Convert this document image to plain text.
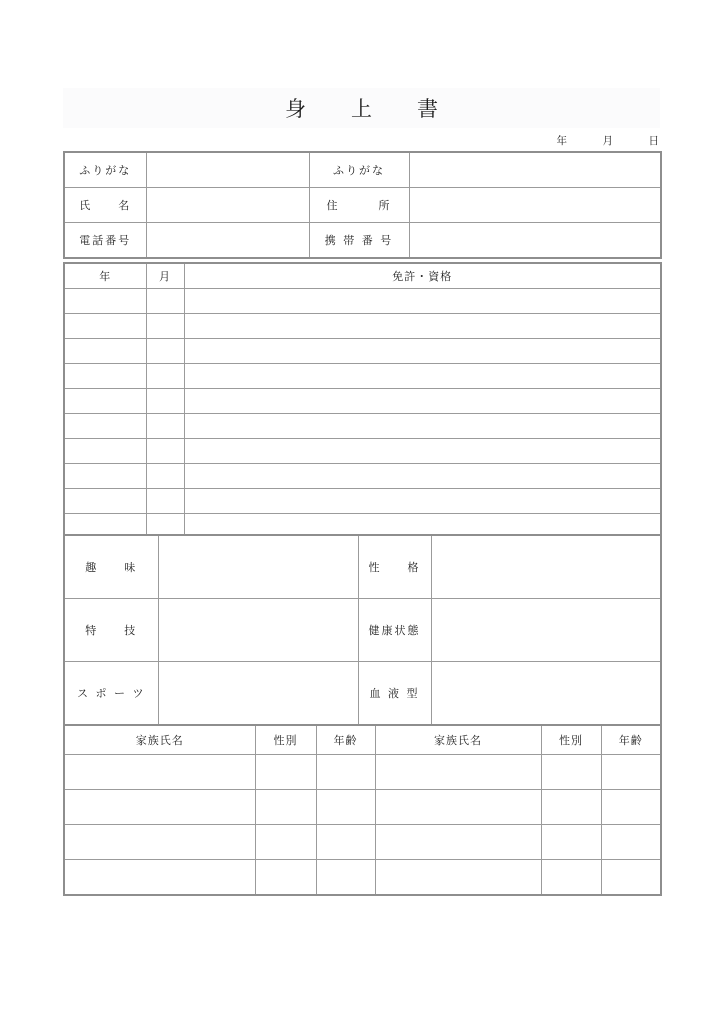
身　上　書
年　　　月　　　日
ふりがな		ふりがな	
氏　　名		住　　　所	
電話番号		携 帯 番 号	
年	月	免許・資格

趣　　味		性　　格	
特　　技		健康状態	
ス ポ ー ツ		血 液 型	
家族氏名	性別	年齢	家族氏名	性別	年齢
